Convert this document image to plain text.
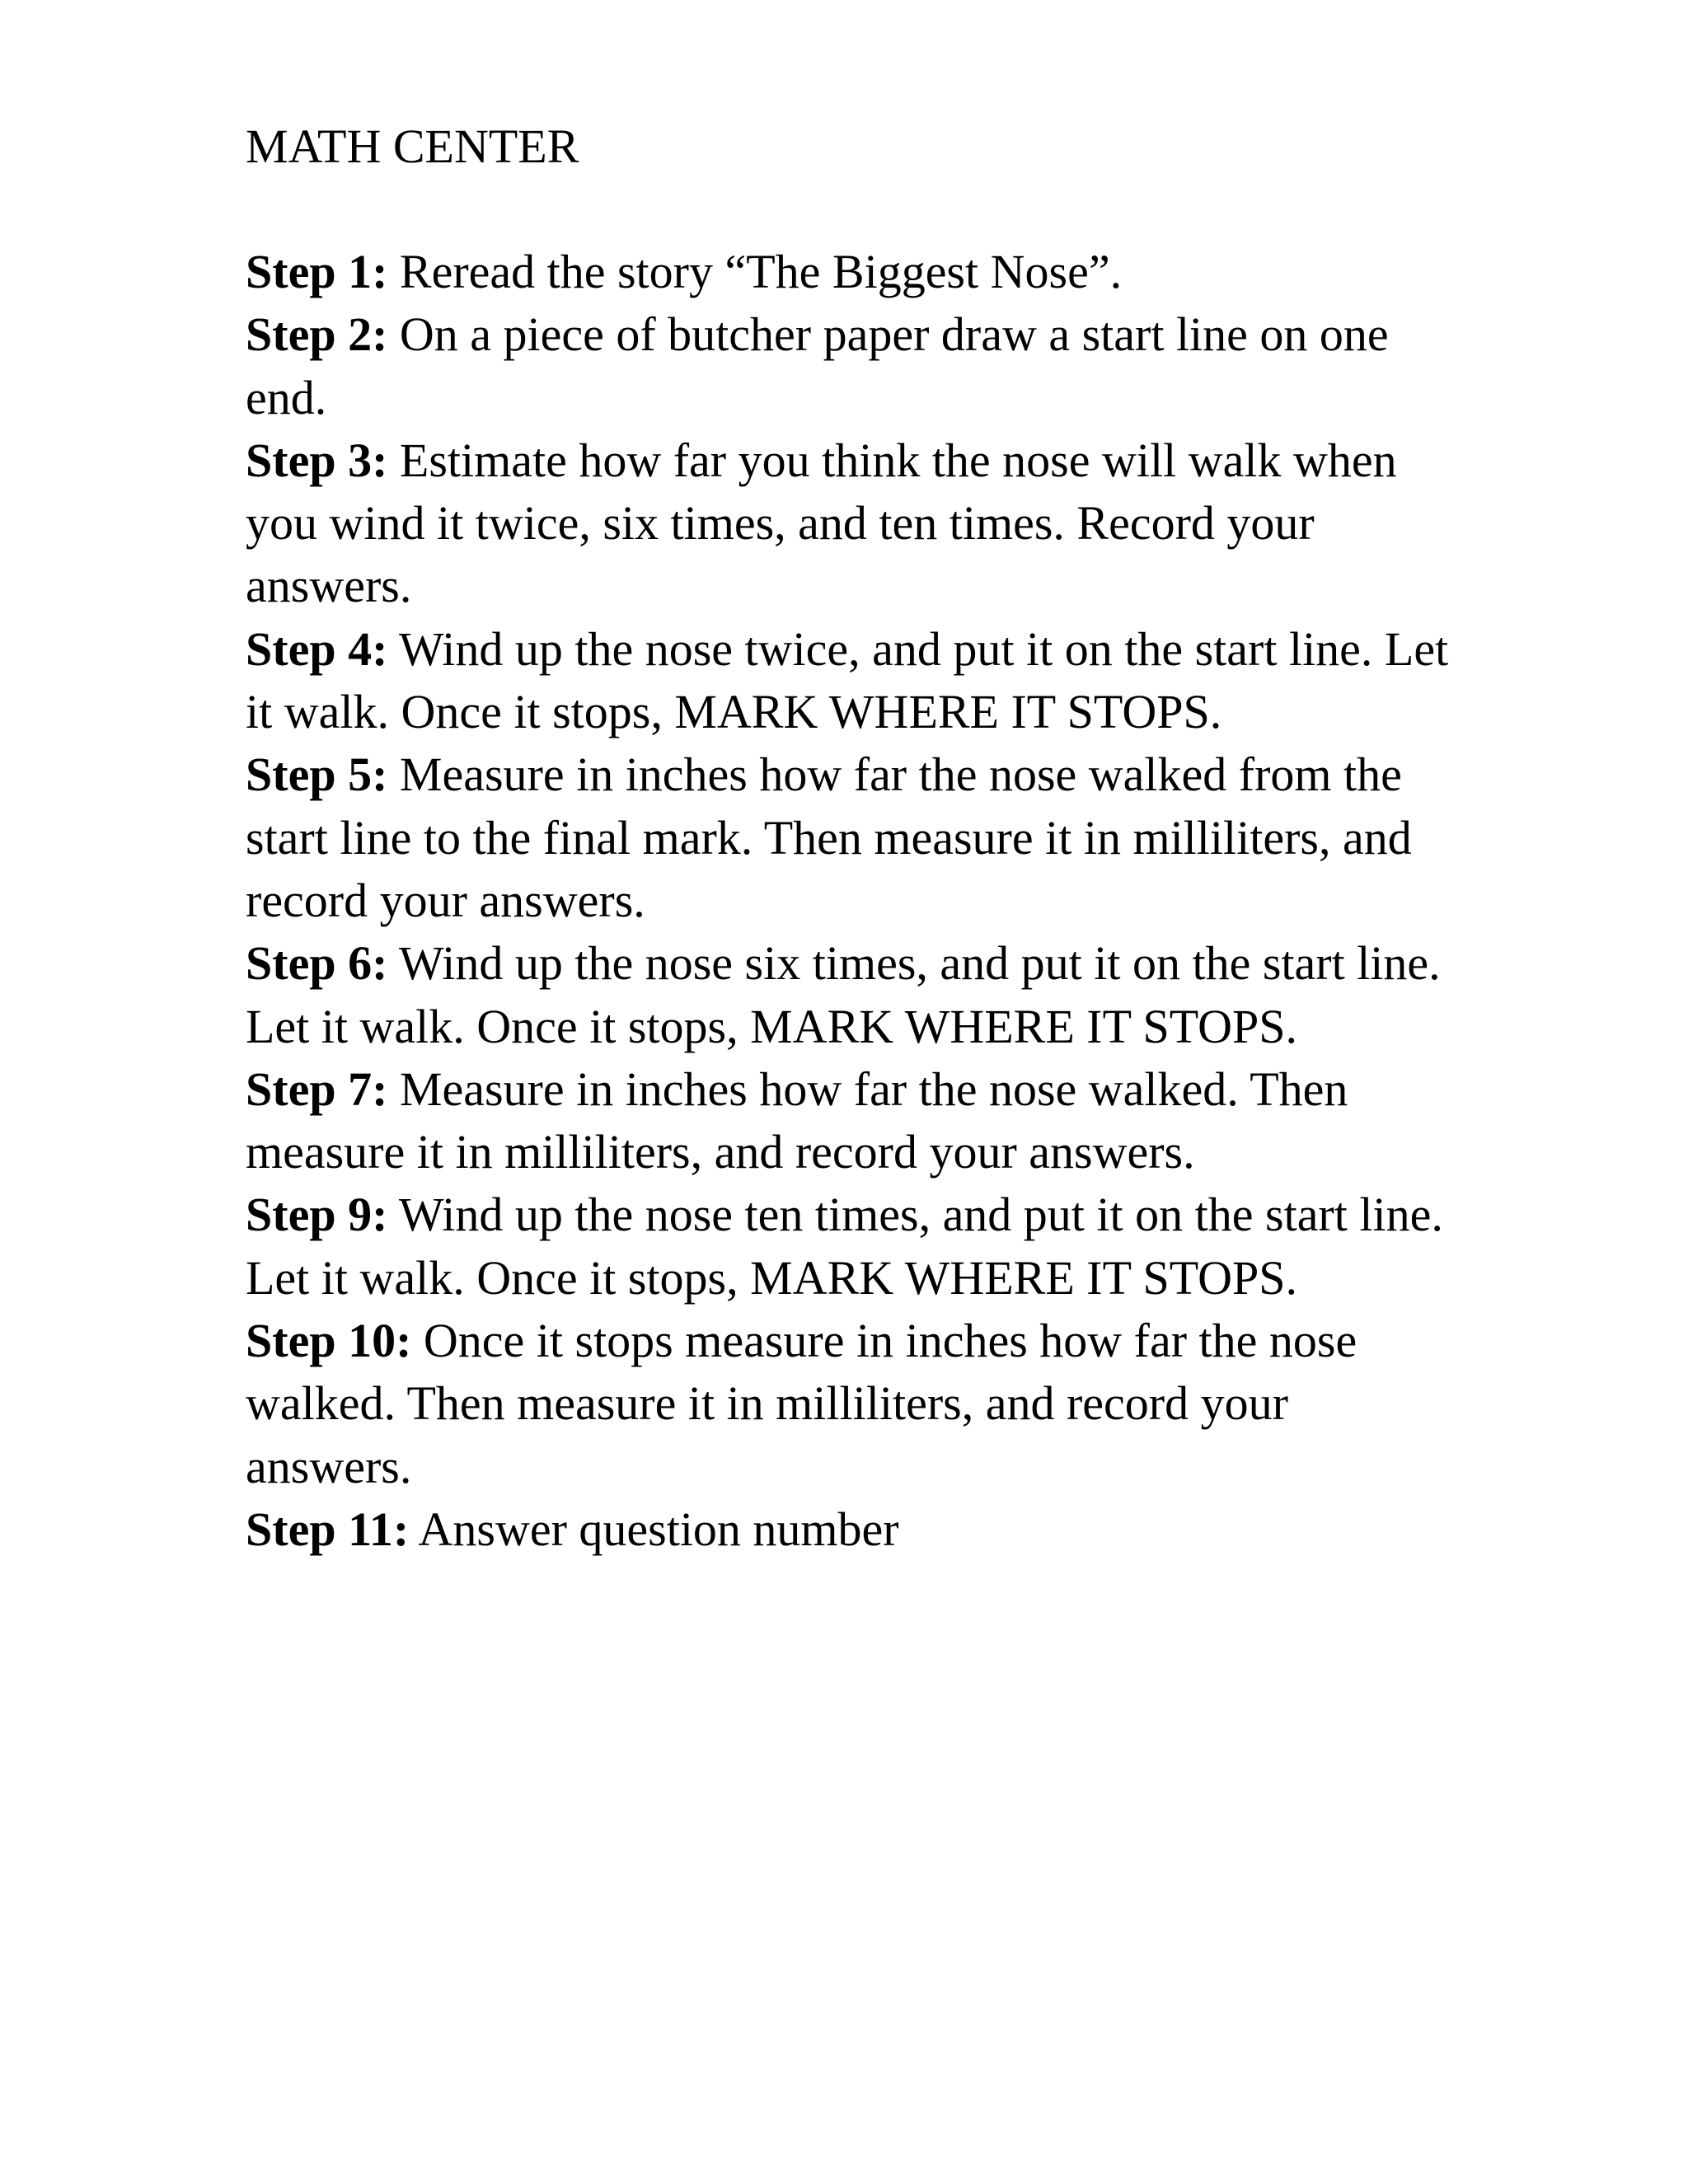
MATH CENTER

Step 1: Reread the story “The Biggest Nose”.

Step 2: On a piece of butcher paper draw a start line on one end.

Step 3: Estimate how far you think the nose will walk when you wind it twice, six times, and ten times. Record your answers.

Step 4: Wind up the nose twice, and put it on the start line. Let it walk. Once it stops, MARK WHERE IT STOPS.

Step 5: Measure in inches how far the nose walked from the start line to the final mark. Then measure it in milliliters, and record your answers.

Step 6: Wind up the nose six times, and put it on the start line. Let it walk. Once it stops, MARK WHERE IT STOPS.

Step 7: Measure in inches how far the nose walked. Then measure it in milliliters, and record your answers.

Step 9: Wind up the nose ten times, and put it on the start line. Let it walk. Once it stops, MARK WHERE IT STOPS.

Step 10: Once it stops measure in inches how far the nose walked. Then measure it in milliliters, and record your answers.

Step 11: Answer question number
